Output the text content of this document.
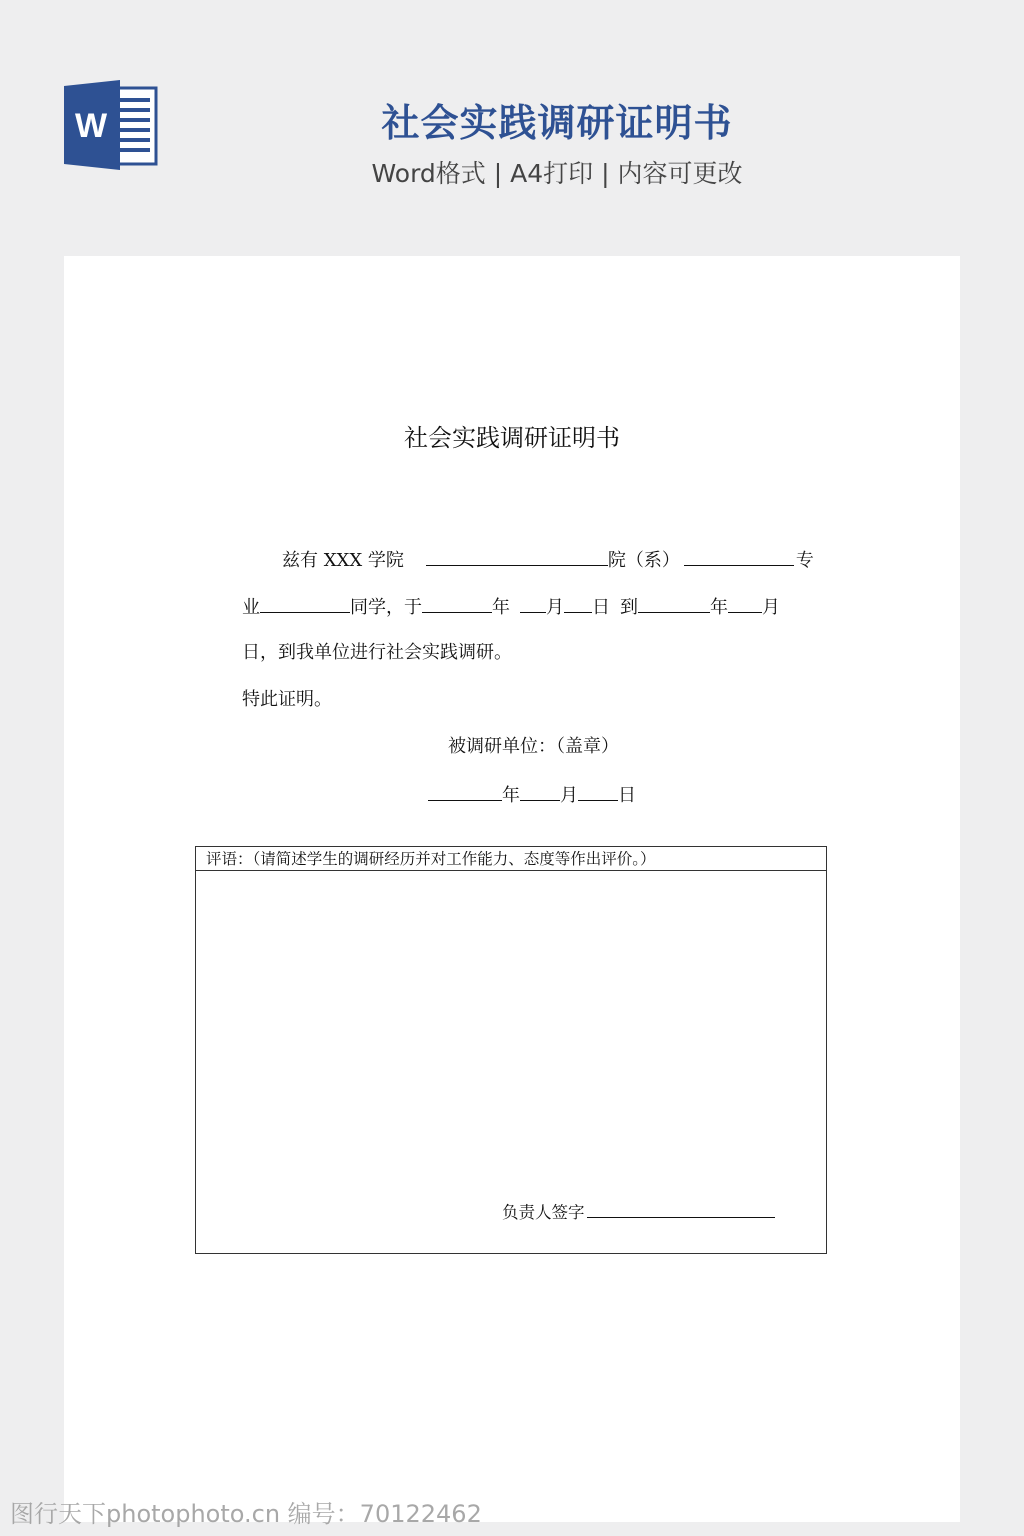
W	社会实践调研证明书
Word格式 | A4打印 | 内容可更改
社会实践调研证明书
兹有 XXX 学院	院（系）	专
业	同学，于	年 月 日 到	年 月
日，到我单位进行社会实践调研。
特此证明。
被调研单位：（盖章）
年 月 日
评语：（请简述学生的调研经历并对工作能力、态度等作出评价。）
负责人签字
图行天下photophoto.cn 编号：70122462
